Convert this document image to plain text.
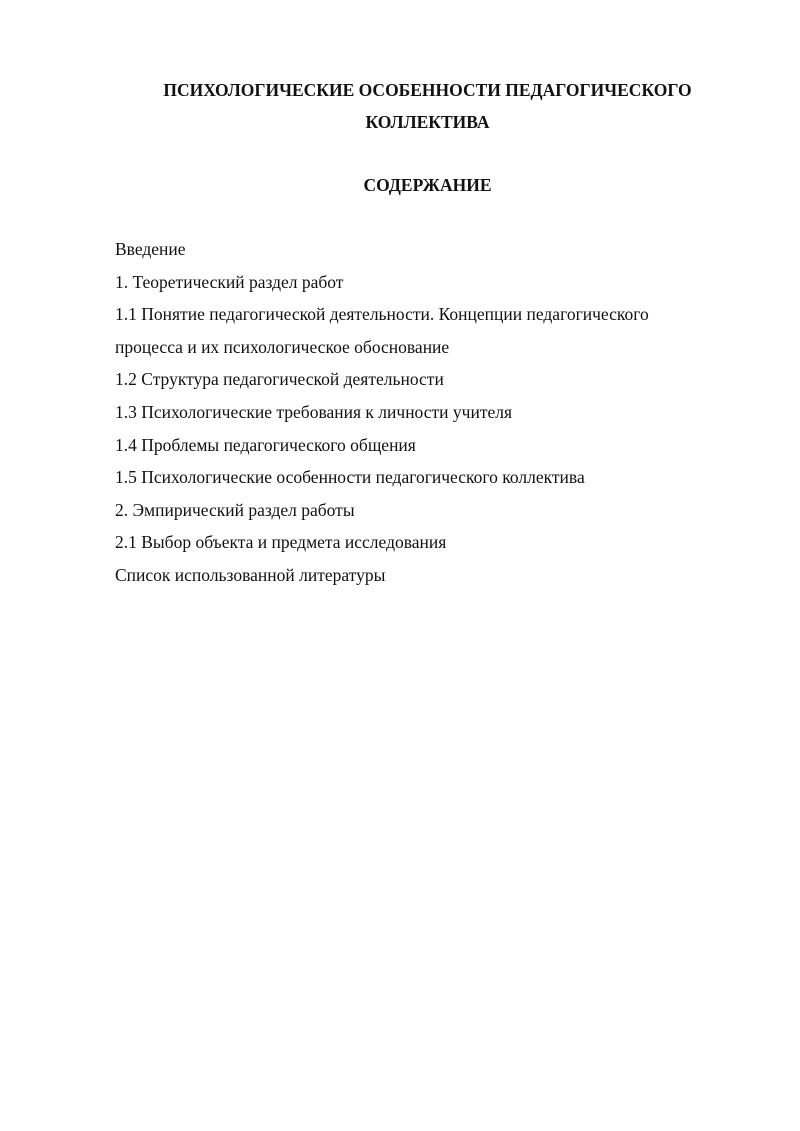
ПСИХОЛОГИЧЕСКИЕ ОСОБЕННОСТИ ПЕДАГОГИЧЕСКОГО КОЛЛЕКТИВА
СОДЕРЖАНИЕ
Введение
1. Теоретический раздел работ
1.1 Понятие педагогической деятельности. Концепции педагогического процесса и их психологическое обоснование
1.2 Структура педагогической деятельности
1.3 Психологические требования к личности учителя
1.4 Проблемы педагогического общения
1.5 Психологические особенности педагогического коллектива
2. Эмпирический раздел работы
2.1 Выбор объекта и предмета исследования
Список использованной литературы
